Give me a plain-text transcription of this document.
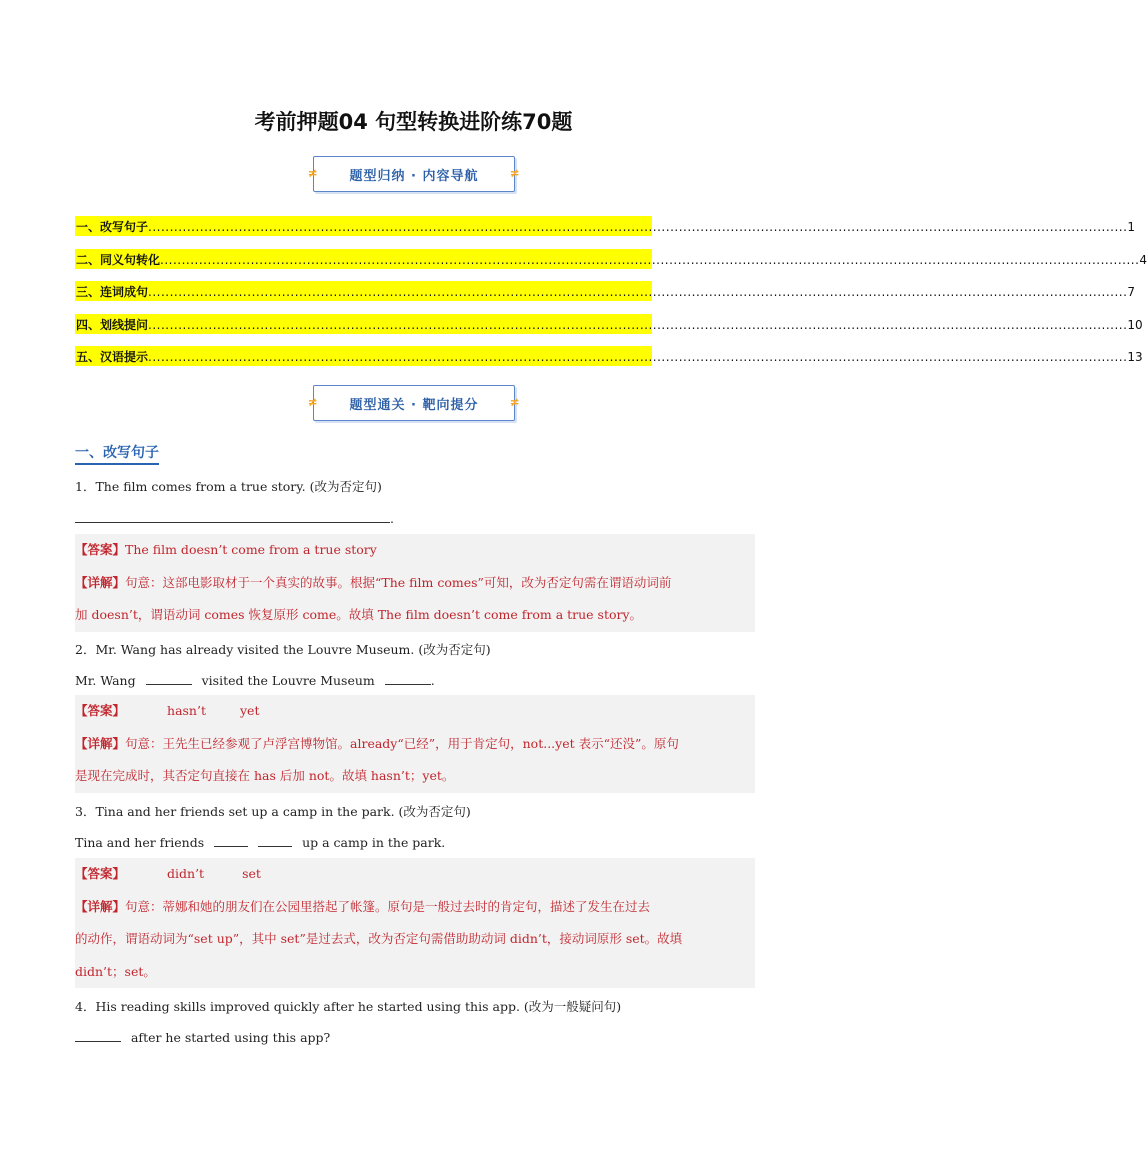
考前押题04 句型转换进阶练70题
≠ 题型归纳 · 内容导航	≠
一、改写句子 ................................................................................................................................................................................................................................... 1
二、同义句转化 ................................................................................................................................................................................................................................... 4
三、连词成句 ................................................................................................................................................................................................................................... 7
四、划线提问 ................................................................................................................................................................................................................................... 10
五、汉语提示 ................................................................................................................................................................................................................................... 13
≠ 题型通关 · 靶向提分	≠
一、改写句子
1．The film comes from a true story. (改为否定句)
.
【答案】The film doesn’t come from a true story
【详解】句意：这部电影取材于一个真实的故事。根据“The film comes”可知，改为否定句需在谓语动词前
加 doesn’t，谓语动词 comes 恢复原形 come。故填 The film doesn’t come from a true story。
2．Mr. Wang has already visited the Louvre Museum. (改为否定句)
Mr. Wang	visited the Louvre Museum	.
【答案】	hasn’t	yet
【详解】句意：王先生已经参观了卢浮宫博物馆。already“已经”，用于肯定句，not...yet 表示“还没”。原句
是现在完成时，其否定句直接在 has 后加 not。故填 hasn’t；yet。
3．Tina and her friends set up a camp in the park. (改为否定句)
Tina and her friends	up a camp in the park.
【答案】	didn’t	set
【详解】句意：蒂娜和她的朋友们在公园里搭起了帐篷。原句是一般过去时的肯定句，描述了发生在过去
的动作，谓语动词为“set up”，其中 set”是过去式，改为否定句需借助助动词 didn’t，接动词原形 set。故填
didn’t；set。
4．His reading skills improved quickly after he started using this app. (改为一般疑问句)
after he started using this app?
